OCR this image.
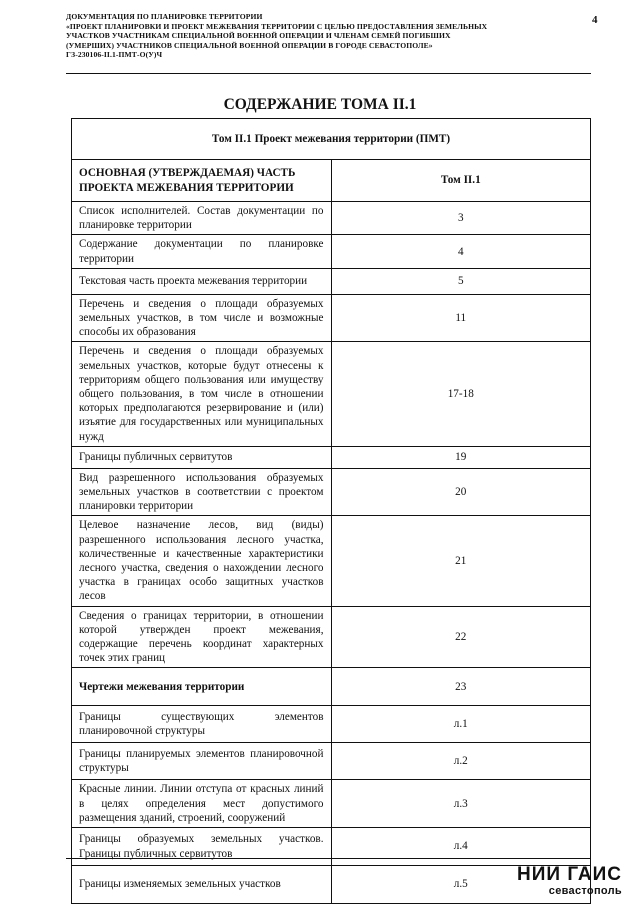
ДОКУМЕНТАЦИЯ ПО ПЛАНИРОВКЕ ТЕРРИТОРИИ
«ПРОЕКТ ПЛАНИРОВКИ И ПРОЕКТ МЕЖЕВАНИЯ ТЕРРИТОРИИ С ЦЕЛЬЮ ПРЕДОСТАВЛЕНИЯ ЗЕМЕЛЬНЫХ
УЧАСТКОВ УЧАСТНИКАМ СПЕЦИАЛЬНОЙ ВОЕННОЙ ОПЕРАЦИИ И ЧЛЕНАМ СЕМЕЙ ПОГИБШИХ
(УМЕРШИХ) УЧАСТНИКОВ СПЕЦИАЛЬНОЙ ВОЕННОЙ ОПЕРАЦИИ В ГОРОДЕ СЕВАСТОПОЛЕ»
ГЗ-230106-II.1-ПМТ-О(У)Ч
4
СОДЕРЖАНИЕ ТОМА II.1
Том II.1 Проект межевания территории (ПМТ)	

ОСНОВНАЯ (УТВЕРЖДАЕМАЯ) ЧАСТЬ
ПРОЕКТА МЕЖЕВАНИЯ ТЕРРИТОРИИ	Том II.1
Список исполнителей. Состав документации по планировке территории	3
Содержание документации по планировке территории	4
Текстовая часть проекта межевания территории	5
Перечень и сведения о площади образуемых земельных участков, в том числе и возможные способы их образования	11
Перечень и сведения о площади образуемых земельных участков, которые будут отнесены к территориям общего пользования или имуществу общего пользования, в том числе в отношении которых предполагаются резервирование и (или) изъятие для государственных или муниципальных нужд	17-18
Границы публичных сервитутов	19
Вид разрешенного использования образуемых земельных участков в соответствии с проектом планировки территории	20
Целевое назначение лесов, вид (виды) разрешенного использования лесного участка, количественные и качественные характеристики лесного участка, сведения о нахождении лесного участка в границах особо защитных участков лесов	21
Сведения о границах территории, в отношении которой утвержден проект межевания, содержащие перечень координат характерных точек этих границ	22
Чертежи межевания территории	23
Границы существующих элементов планировочной структуры	л.1
Границы планируемых элементов планировочной структуры	л.2
Красные линии. Линии отступа от красных линий в целях определения мест допустимого размещения зданий, строений, сооружений	л.3
Границы образуемых земельных участков. Границы публичных сервитутов	л.4
Границы изменяемых земельных участков	л.5	НИИ ГАИС
севастополь
